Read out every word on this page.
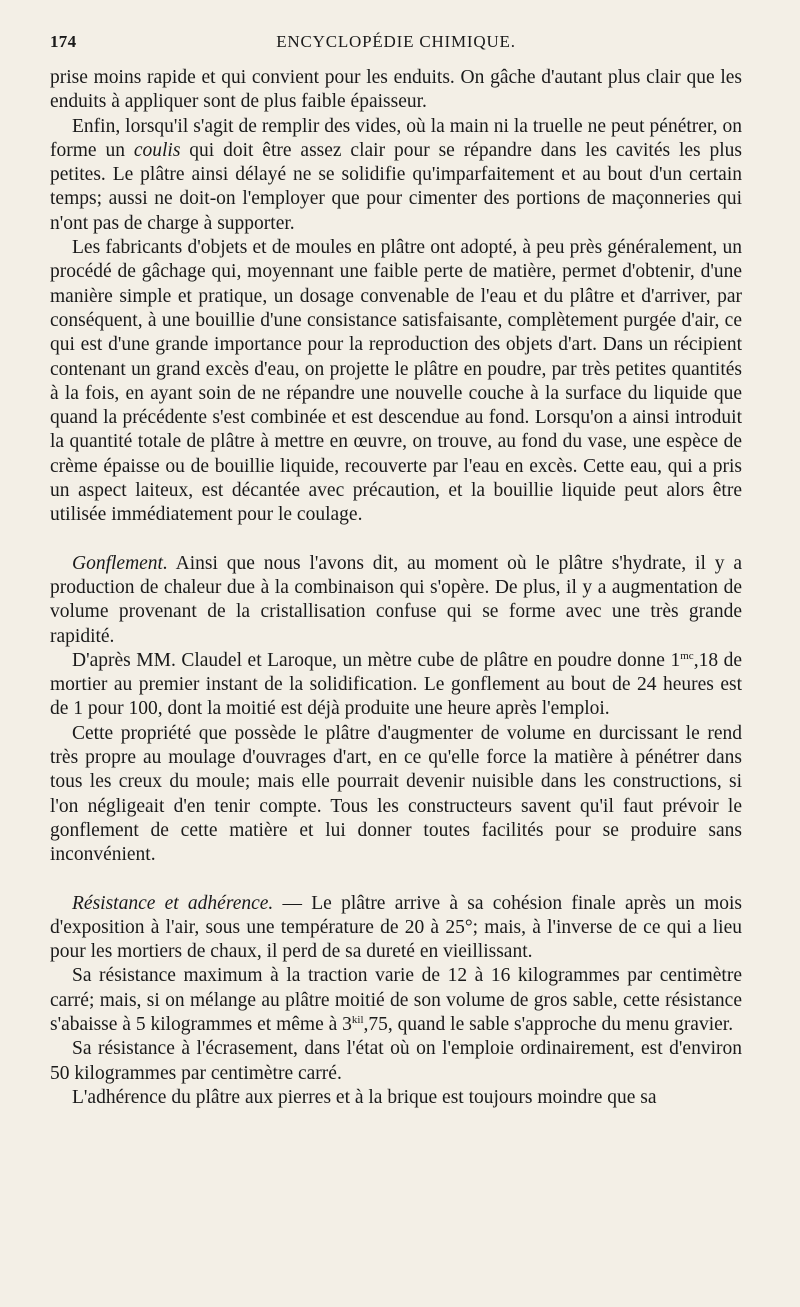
174	ENCYCLOPÉDIE CHIMIQUE.

prise moins rapide et qui convient pour les enduits. On gâche d'autant plus clair que les enduits à appliquer sont de plus faible épaisseur.

Enfin, lorsqu'il s'agit de remplir des vides, où la main ni la truelle ne peut pénétrer, on forme un coulis qui doit être assez clair pour se répandre dans les cavités les plus petites. Le plâtre ainsi délayé ne se solidifie qu'imparfaitement et au bout d'un certain temps; aussi ne doit-on l'employer que pour cimenter des portions de maçonneries qui n'ont pas de charge à supporter.

Les fabricants d'objets et de moules en plâtre ont adopté, à peu près généralement, un procédé de gâchage qui, moyennant une faible perte de matière, permet d'obtenir, d'une manière simple et pratique, un dosage convenable de l'eau et du plâtre et d'arriver, par conséquent, à une bouillie d'une consistance satisfaisante, complètement purgée d'air, ce qui est d'une grande importance pour la reproduction des objets d'art. Dans un récipient contenant un grand excès d'eau, on projette le plâtre en poudre, par très petites quantités à la fois, en ayant soin de ne répandre une nouvelle couche à la surface du liquide que quand la précédente s'est combinée et est descendue au fond. Lorsqu'on a ainsi introduit la quantité totale de plâtre à mettre en œuvre, on trouve, au fond du vase, une espèce de crème épaisse ou de bouillie liquide, recouverte par l'eau en excès. Cette eau, qui a pris un aspect laiteux, est décantée avec précaution, et la bouillie liquide peut alors être utilisée immédiatement pour le coulage.

Gonflement. Ainsi que nous l'avons dit, au moment où le plâtre s'hydrate, il y a production de chaleur due à la combinaison qui s'opère. De plus, il y a augmentation de volume provenant de la cristallisation confuse qui se forme avec une très grande rapidité.

D'après MM. Claudel et Laroque, un mètre cube de plâtre en poudre donne $1^{mc},18$ de mortier au premier instant de la solidification. Le gonflement au bout de 24 heures est de 1 pour 100, dont la moitié est déjà produite une heure après l'emploi.

Cette propriété que possède le plâtre d'augmenter de volume en durcissant le rend très propre au moulage d'ouvrages d'art, en ce qu'elle force la matière à pénétrer dans tous les creux du moule; mais elle pourrait devenir nuisible dans les constructions, si l'on négligeait d'en tenir compte. Tous les constructeurs savent qu'il faut prévoir le gonflement de cette matière et lui donner toutes facilités pour se produire sans inconvénient.

Résistance et adhérence. — Le plâtre arrive à sa cohésion finale après un mois d'exposition à l'air, sous une température de 20 à 25°; mais, à l'inverse de ce qui a lieu pour les mortiers de chaux, il perd de sa dureté en vieillissant.

Sa résistance maximum à la traction varie de 12 à 16 kilogrammes par centimètre carré; mais, si on mélange au plâtre moitié de son volume de gros sable, cette résistance s'abaisse à 5 kilogrammes et même à $3^{kil},75$, quand le sable s'approche du menu gravier.

Sa résistance à l'écrasement, dans l'état où on l'emploie ordinairement, est d'environ 50 kilogrammes par centimètre carré.

L'adhérence du plâtre aux pierres et à la brique est toujours moindre que sa
